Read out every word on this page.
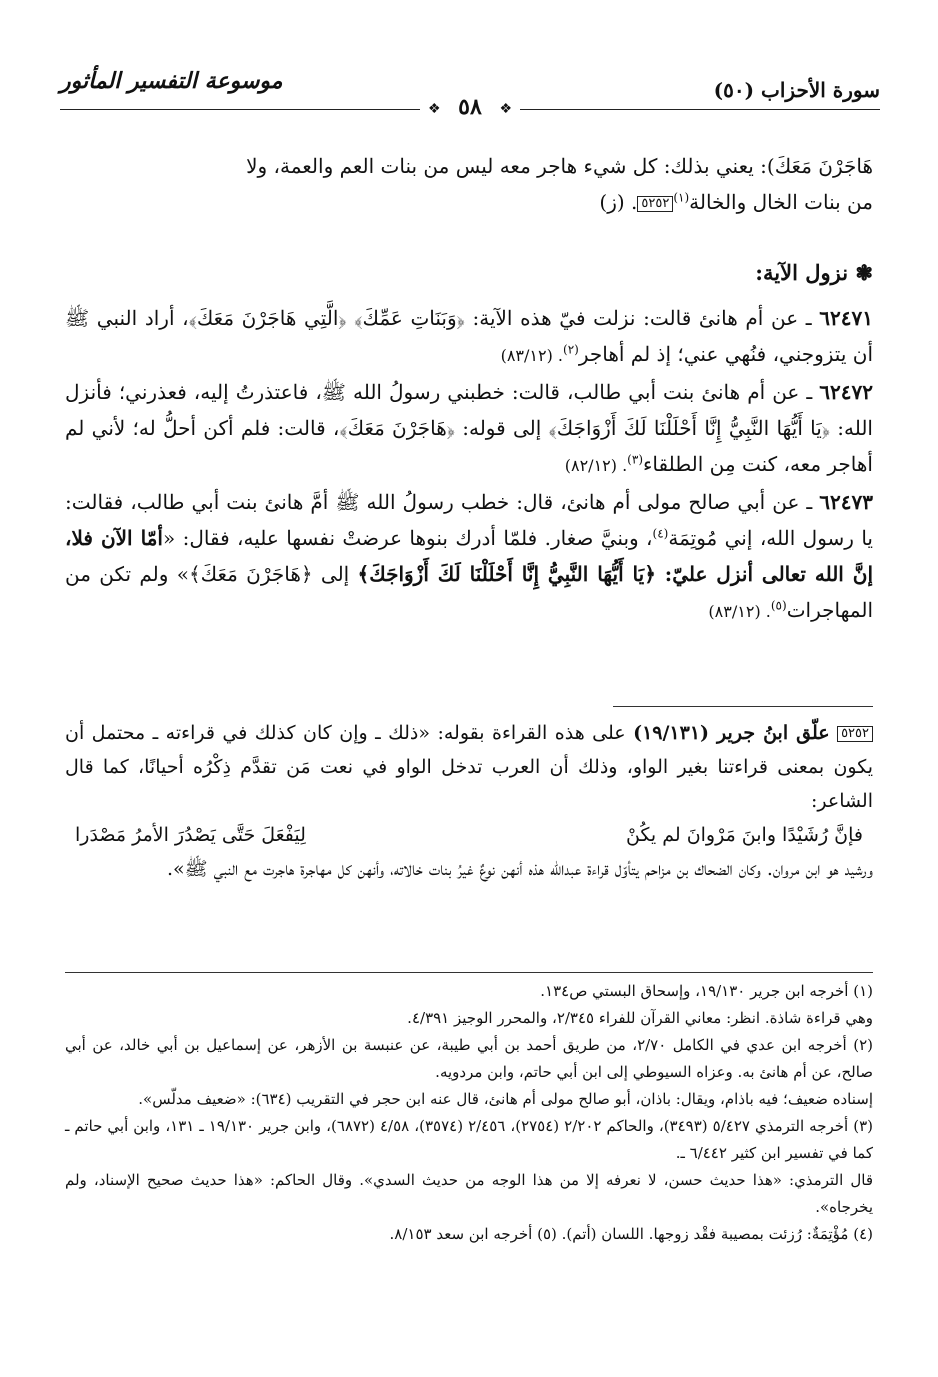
سورة الأحزاب (٥٠)
موسوعة التفسير المأثور
❖
❖ ٥٨

هَاجَرْنَ مَعَكَ): يعني بذلك: كل شيء هاجر معه ليس من بنات العم والعمة، ولا

من بنات الخال والخالة$^{(١)}$٥٢٥٢. (ز)

❃ نزول الآية:

٦٢٤٧١ ـ عن أم هانئ قالت: نزلت فيّ هذه الآية: ﴿وَبَنَاتِ عَمِّكَ﴾ ﴿الَّتِي هَاجَرْنَ مَعَكَ﴾، أراد النبي ﷺ أن يتزوجني، فنُهي عني؛ إذ لم أهاجر$^{(٢)}$. (٨٣/١٢)

٦٢٤٧٢ ـ عن أم هانئ بنت أبي طالب، قالت: خطبني رسولُ الله ﷺ، فاعتذرتُ إليه، فعذرني؛ فأنزل الله: ﴿يَا أَيُّهَا النَّبِيُّ إِنَّا أَحْلَلْنَا لَكَ أَزْوَاجَكَ﴾ إلى قوله: ﴿هَاجَرْنَ مَعَكَ﴾، قالت: فلم أكن أحلُّ له؛ لأني لم أهاجر معه، كنت مِن الطلقاء$^{(٣)}$. (٨٢/١٢)

٦٢٤٧٣ ـ عن أبي صالح مولى أم هانئ، قال: خطب رسولُ الله ﷺ أمَّ هانئ بنت أبي طالب، فقالت: يا رسول الله، إني مُوتِمَة$^{(٤)}$، وبنيَّ صغار. فلمّا أدرك بنوها عرضتْ نفسها عليه، فقال: «أمّا الآن فلا، إنَّ الله تعالى أنزل عليّ: ﴿يَا أَيُّهَا النَّبِيُّ إِنَّا أَحْلَلْنَا لَكَ أَزْوَاجَكَ﴾ إلى ﴿هَاجَرْنَ مَعَكَ﴾» ولم تكن من المهاجرات$^{(٥)}$. (٨٣/١٢)

٥٢٥٢ علّق ابنُ جرير (١٩/١٣١) على هذه القراءة بقوله: «ذلك ـ وإن كان كذلك في قراءته ـ محتمل أن يكون بمعنى قراءتنا بغير الواو، وذلك أن العرب تدخل الواو في نعت مَن تقدَّم ذِكْرُه أحيانًا، كما قال الشاعر:
فإنَّ رُشَيْدًا وابنَ مَرْوانَ لم يكُنْ
لِيَفْعَلَ حَتَّى يَصْدُرَ الأمرُ مَصْدَرا
ورشيد هو ابن مروان. وكان الضحاك بن مزاحم يتأوّل قراءة عبدالله هذه أنهن نوعٌ غيرُ بنات خالاته، وأنهن كل مهاجرة هاجرت مع النبي ﷺ».

(١) أخرجه ابن جرير ١٩/١٣٠، وإسحاق البستي ص١٣٤.

وهي قراءة شاذة. انظر: معاني القرآن للفراء ٢/٣٤٥، والمحرر الوجيز ٤/٣٩١.

(٢) أخرجه ابن عدي في الكامل ٢/٧٠، من طريق أحمد بن أبي طيبة، عن عنبسة بن الأزهر، عن إسماعيل بن أبي خالد، عن أبي صالح، عن أم هانئ به. وعزاه السيوطي إلى ابن أبي حاتم، وابن مردويه.

إسناده ضعيف؛ فيه باذام، ويقال: باذان، أبو صالح مولى أم هانئ، قال عنه ابن حجر في التقريب (٦٣٤): «ضعيف مدلّس».

(٣) أخرجه الترمذي ٥/٤٢٧ (٣٤٩٣)، والحاكم ٢/٢٠٢ (٢٧٥٤)، ٢/٤٥٦ (٣٥٧٤)، ٤/٥٨ (٦٨٧٢)، وابن جرير ١٩/١٣٠ ـ ١٣١، وابن أبي حاتم ـ كما في تفسير ابن كثير ٦/٤٤٢ ـ.

قال الترمذي: «هذا حديث حسن، لا نعرفه إلا من هذا الوجه من حديث السدي». وقال الحاكم: «هذا حديث صحيح الإسناد، ولم يخرجاه».

(٤) مُؤْتِمَةٌ: رُزئت بمصيبة فقْد زوجها. اللسان (أتم). (٥) أخرجه ابن سعد ٨/١٥٣.
